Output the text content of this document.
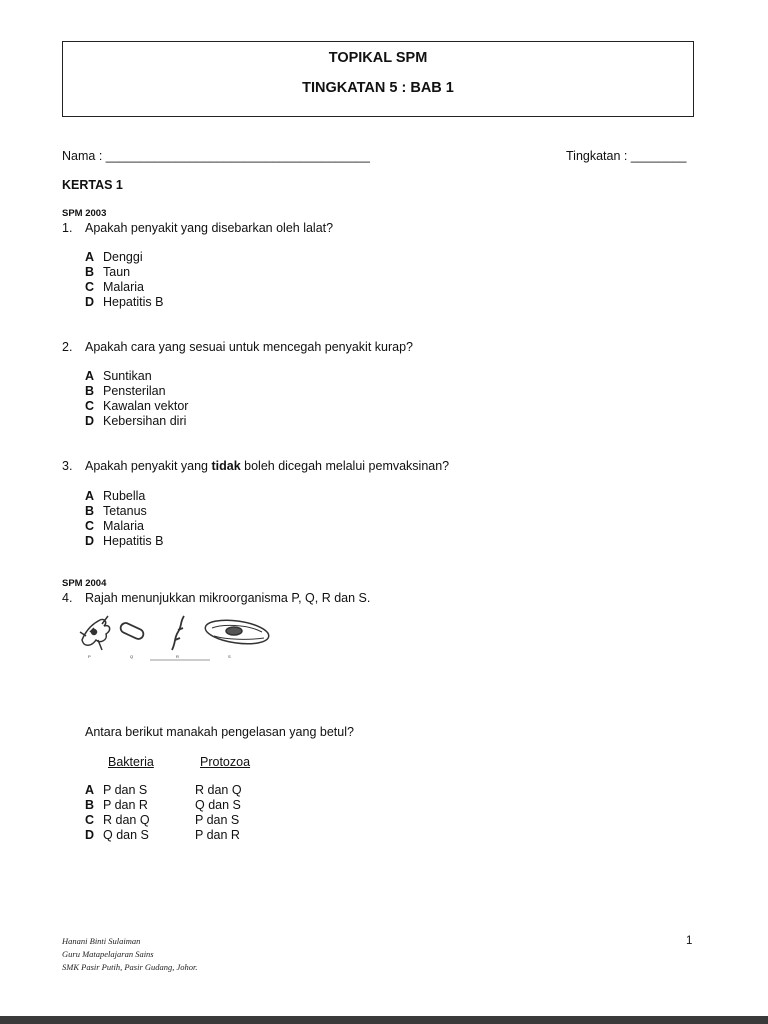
TOPIKAL SPM
TINGKATAN 5 : BAB 1
Nama : ______________________________________	Tingkatan : ________
KERTAS 1
SPM 2003
1. Apakah penyakit yang disebarkan oleh lalat?
A Denggi
B Taun
C Malaria
D Hepatitis B
2. Apakah cara yang sesuai untuk mencegah penyakit kurap?
A Suntikan
B Pensterilan
C Kawalan vektor
D Kebersihan diri
3. Apakah penyakit yang tidak boleh dicegah melalui pemvaksinan?
A Rubella
B Tetanus
C Malaria
D Hepatitis B
SPM 2004
4. Rajah menunjukkan mikroorganisma P, Q, R dan S.
P	Q	R	S
Antara berikut manakah pengelasan yang betul?
Bakteria	Protozoa
A P dan S	R dan Q
B P dan R	Q dan S
C R dan Q	P dan S
D Q dan S	P dan R
Hanani Binti Sulaiman
Guru Matapelajaran Sains
SMK Pasir Putih, Pasir Gudang, Johor.
1
